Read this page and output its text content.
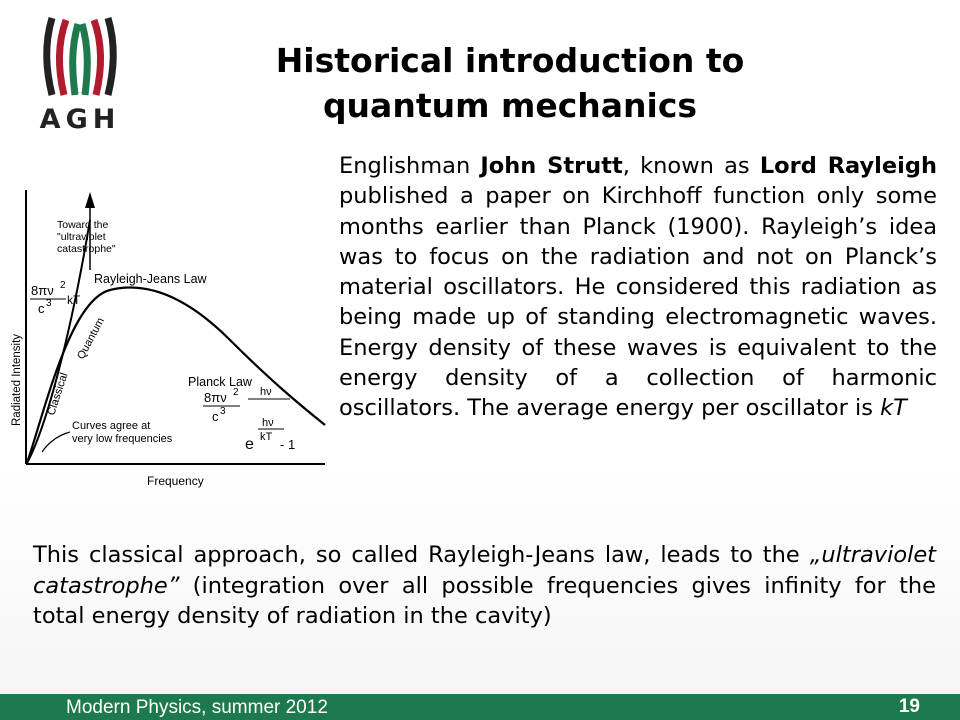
AGH
Historical introduction to
quantum mechanics
Toward the
"ultraviolet
catastrophe"
Rayleigh-Jeans Law
8πν 2
c 3 kT
Quantum
Classical	Planck Law
8πν 2
c 3
hν
hν
e kT - 1
Curves agree at
very low frequencies
Radiated Intensity
Frequency
Englishman John Strutt, known as Lord Rayleigh published a paper on Kirchhoff function only some months earlier than Planck (1900). Rayleigh’s idea was to focus on the radiation and not on Planck’s material oscillators. He considered this radiation as being made up of standing electromagnetic waves. Energy density of these waves is equivalent to the energy density of a collection of harmonic oscillators. The average energy per oscillator is kT
This classical approach, so called Rayleigh-Jeans law, leads to the „ultraviolet catastrophe” (integration over all possible frequencies gives infinity for the total energy density of radiation in the cavity)
Modern Physics, summer 2012	19
